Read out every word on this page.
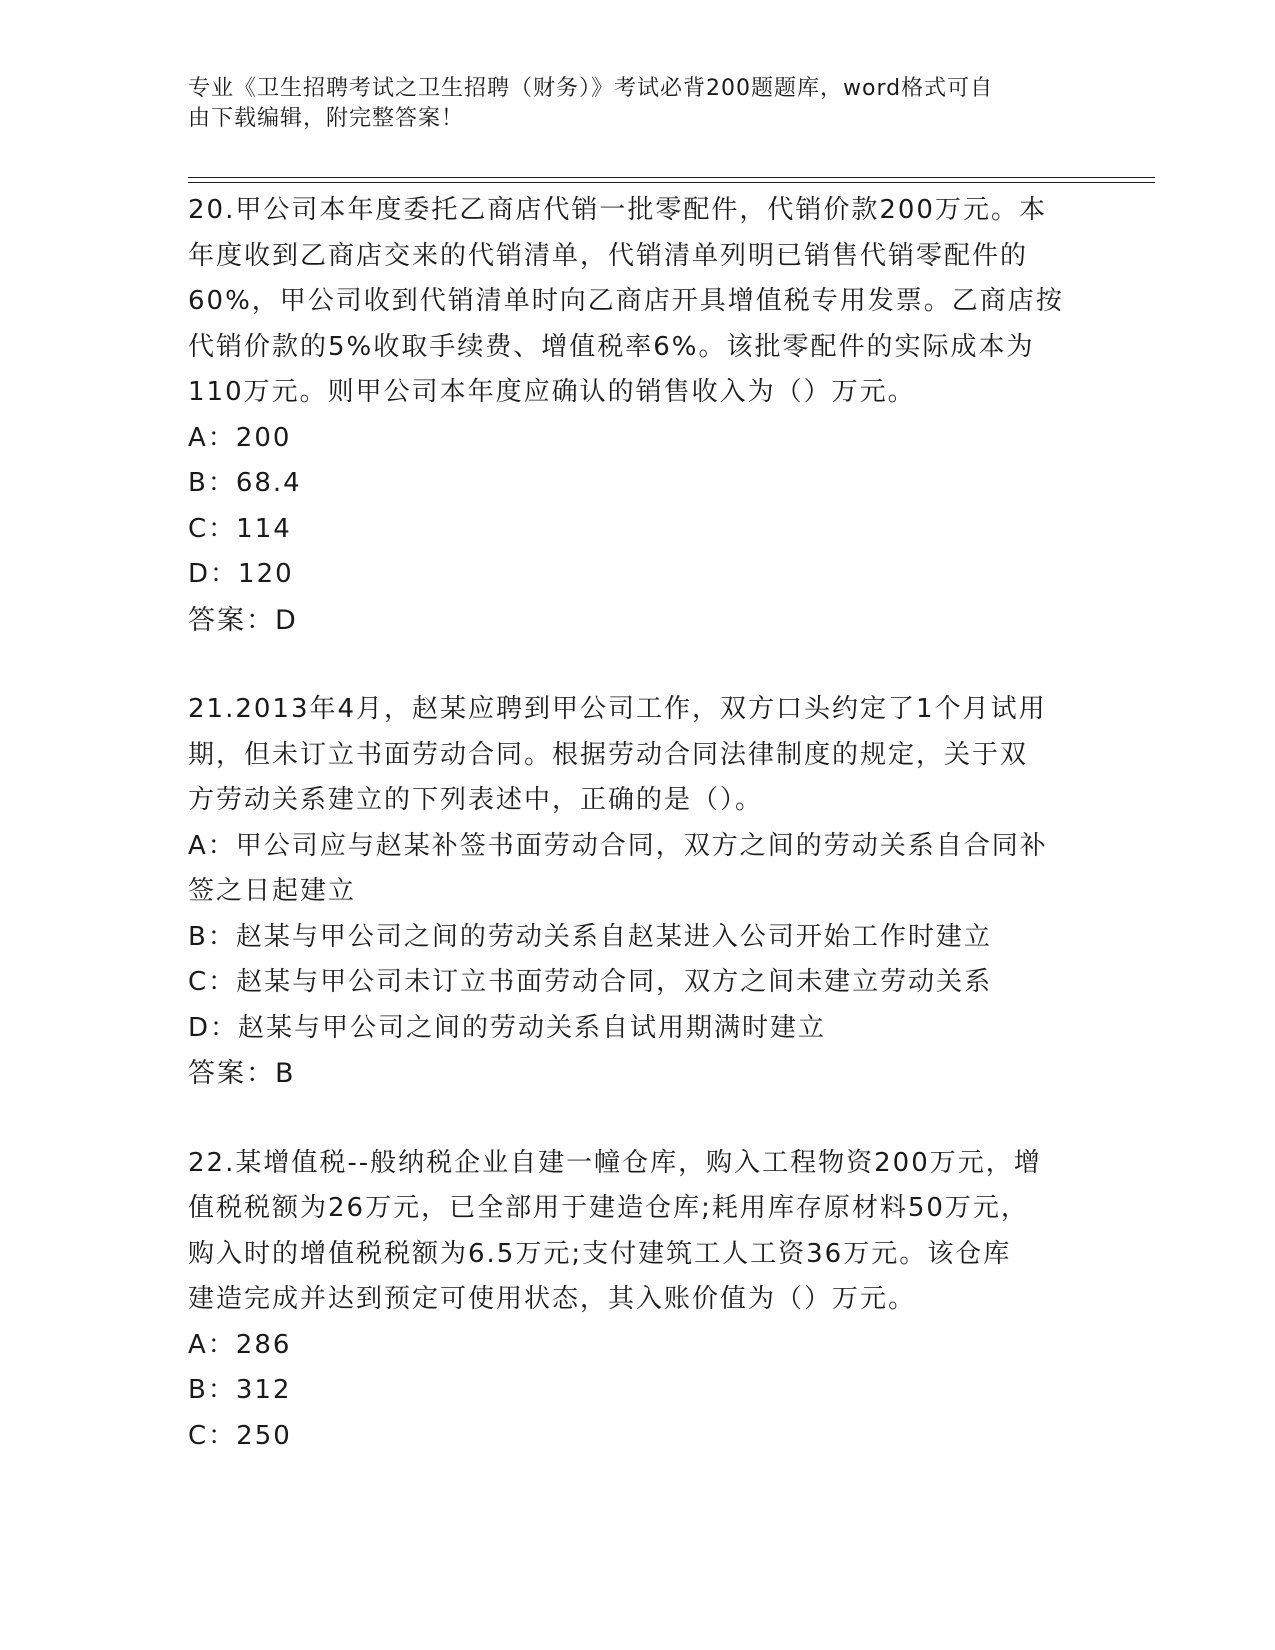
专业《卫生招聘考试之卫生招聘（财务）》考试必背200题题库，word格式可自
由下载编辑，附完整答案！

20.甲公司本年度委托乙商店代销一批零配件，代销价款200万元。本

年度收到乙商店交来的代销清单，代销清单列明已销售代销零配件的

60%，甲公司收到代销清单时向乙商店开具增值税专用发票。乙商店按

代销价款的5%收取手续费、增值税率6%。该批零配件的实际成本为

110万元。则甲公司本年度应确认的销售收入为（）万元。

A：200

B：68.4

C：114

D：120

答案：D

21.2013年4月，赵某应聘到甲公司工作，双方口头约定了1个月试用

期，但未订立书面劳动合同。根据劳动合同法律制度的规定，关于双

方劳动关系建立的下列表述中，正确的是（）。

A：甲公司应与赵某补签书面劳动合同，双方之间的劳动关系自合同补

签之日起建立

B：赵某与甲公司之间的劳动关系自赵某进入公司开始工作时建立

C：赵某与甲公司未订立书面劳动合同，双方之间未建立劳动关系

D：赵某与甲公司之间的劳动关系自试用期满时建立

答案：B

22.某增值税--般纳税企业自建一幢仓库，购入工程物资200万元，增

值税税额为26万元，已全部用于建造仓库;耗用库存原材料50万元，

购入时的增值税税额为6.5万元;支付建筑工人工资36万元。该仓库

建造完成并达到预定可使用状态，其入账价值为（）万元。

A：286

B：312

C：250
